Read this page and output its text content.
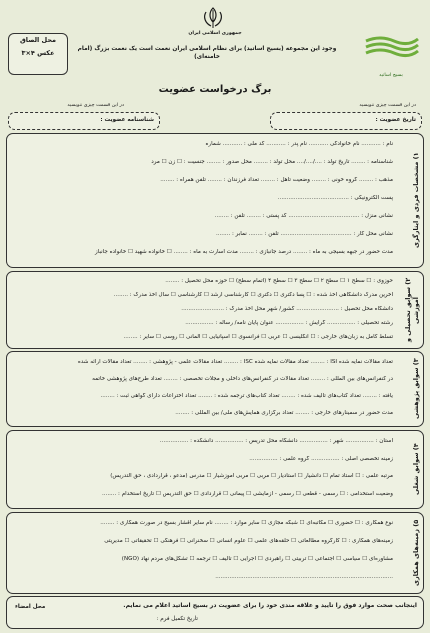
جمهوری اسلامی ایران
وجود این مجموعه (بسیج اساتید) برای نظام اسلامی ایران نعمت است یک نعمت بزرگ (امام خامنه‌ای)
برگ درخواست عضویت
محل الصاق
عکس ۴×۳
بسیج اساتید
در این قسمت چیزی ننویسید
در این قسمت چیزی ننویسید
تاریخ عضویت :
شناسنامه عضویت :
۱) مشخصات فردی و ایثارگری
نام : ........... نام خانوادگی ........... نام پدر : ........... کد ملی : ........... شماره
شناسنامه : ........ تاریخ تولد : ..../..../.... محل تولد : ........ محل صدور : ........ جنسیت : ☐ زن ☐ مرد
مذهب : ........ گروه خونی : ........ وضعیت تأهل : ........ تعداد فرزندان : ........ تلفن همراه : ........
پست الکترونیکی : ........................................
نشانی منزل : ........................................ کد پستی : ........ تلفن : ........
نشانی محل کار : ........................................ تلفن : ........ نمابر : ........
مدت حضور در جبهه بسیجی به ماه : ........ درصد جانبازی : ........ مدت اسارت به ماه : ........ ☐ خانواده شهید ☐ خانواده جانباز
۲) سوابق تحصیلی و آموزشی
حوزوی : ☐ سطح ۱ ☐ سطح ۲ ☐ سطح ۳ ☐ سطح ۴ (اتمام سطح) ☐ حوزه محل تحصیل : ........
آخرین مدرک دانشگاهی اخذ شده : ☐ پسا دکتری ☐ دکتری ☐ کارشناسی ارشد ☐ کارشناسی ☐ سال اخذ مدرک : ........
دانشگاه محل تحصیل : ........................ کشور/ شهر محل اخذ مدرک : ........................
رشته تحصیلی : ................ گرایش : ................ عنوان پایان نامه/ رساله : ................
تسلط کامل به زبان‌های خارجی : ☐ انگلیسی ☐ عربی ☐ فرانسوی ☐ اسپانیایی ☐ آلمانی ☐ روسی ☐ سایر : ........
۳) سوابق پژوهشی
تعداد مقالات نمایه شده ISI : ........ تعداد مقالات نمایه شده ISC : ........ تعداد مقالات علمی - پژوهشی : ........ تعداد مقالات ارائه شده
در کنفرانس‌های بین المللی : ........ تعداد مقالات در کنفرانس‌های داخلی و مجلات تخصصی : ........ تعداد طرح‌های پژوهشی خاتمه
یافته : ........ تعداد کتاب‌های تألیف شده : ........ تعداد کتاب‌های ترجمه شده : ........ تعداد اختراعات دارای گواهی ثبت : ........
مدت حضور در سمینارهای خارجی : ........ تعداد برگزاری همایش‌های ملی/ بین المللی : ........
۴) سوابق شغلی
استان : ................ شهر : ................ دانشگاه محل تدریس : ................ دانشکده : ................
زمینه تخصصی اصلی : ................ گروه علمی : ................
مرتبه علمی : ☐ استاد تمام ☐ دانشیار ☐ استادیار ☐ مربی ☐ مربی آموزشیار ☐ مدرس (مدعو ، قراردادی ، حق التدریس)
وضعیت استخدامی : ☐ رسمی - قطعی ☐ رسمی - آزمایشی ☐ پیمانی ☐ قراردادی ☐ حق التدریس ☐ تاریخ استخدام : ........
۵) زمینه‌های همکاری
نوع همکاری : ☐ حضوری ☐ مکاتبه‌ای ☐ شبکه مجازی ☐ سایر موارد : ........ نام سایر اقشار بسیج در صورت همکاری : ........
زمینه‌های همکاری : ☐ کارگروه مطالعاتی ☐ حلقه‌های علمی ☐ علوم انسانی ☐ سخنرانی ☐ فرهنگی ☐ تحقیقاتی ☐ مدیریتی
مشاوره‌ای ☐ سیاسی ☐ اجتماعی ☐ تربیتی ☐ راهبردی ☐ اجرایی ☐ تألیف ☐ ترجمه ☐ تشکل‌های مردم نهاد (NGO)
....................................................................................................
اینجانب صحت موارد فوق را تأیید و علاقه مندی خود را برای عضویت در بسیج اساتید اعلام می نمایم.
تاریخ تکمیل فرم :
محل امضاء
